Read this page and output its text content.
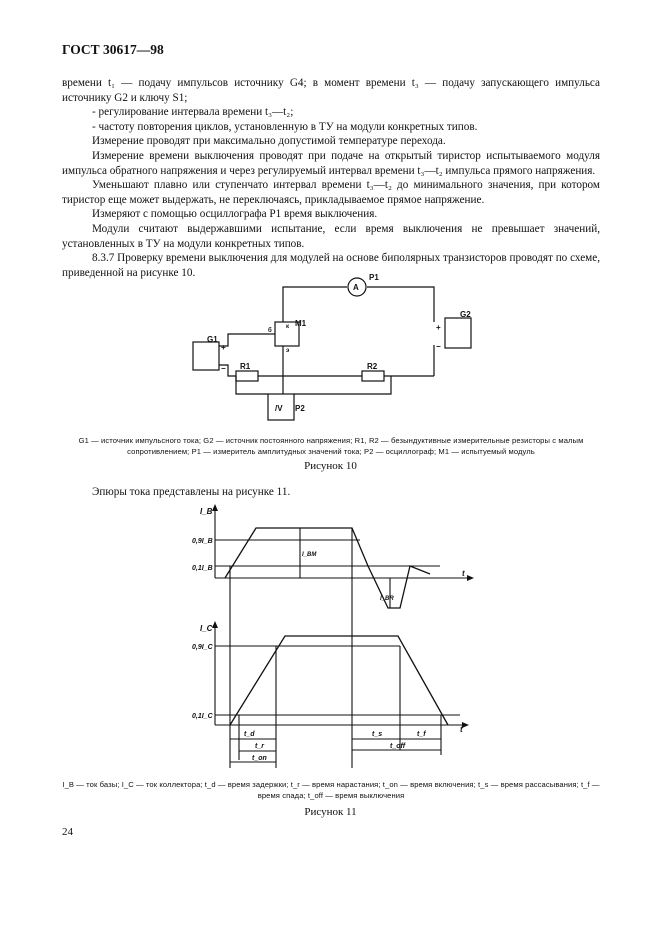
ГОСТ 30617—98

времени t₁ — подачу импульсов источнику G4; в момент времени t₃ — подачу запускающего импульса источнику G2 и ключу S1;

- регулирование интервала времени t₃—t₂;

- частоту повторения циклов, установленную в ТУ на модули конкретных типов.

Измерение проводят при максимально допустимой температуре перехода.

Измерение времени выключения проводят при подаче на открытый тиристор испытываемого модуля импульса обратного напряжения и через регулируемый интервал времени t₃—t₂ импульса прямого напряжения.

Уменьшают плавно или ступенчато интервал времени t₃—t₂ до минимального значения, при котором тиристор еще может выдержать, не переключаясь, прикладываемое прямое напряжение.

Измеряют с помощью осциллографа P1 время выключения.

Модули считают выдержавшими испытание, если время выключения не превышает значений, установленных в ТУ на модули конкретных типов.

8.3.7 Проверку времени выключения для модулей на основе биполярных транзисторов проводят по схеме, приведенной на рисунке 10.

A
P1
G2
+
−
G1
+
−
M1
к
б
э
R1	R2
/V P2
G1 — источник импульсного тока; G2 — источник постоянного напряжения; R1, R2 — безындуктивные измерительные резисторы с малым сопротивлением; P1 — измеритель амплитудных значений тока; P2 — осциллограф; M1 — испытуемый модуль
Рисунок 10

Эпюры тока представлены на рисунке 11.

I_B
0,9I_B
0,1I_B
t
I_BM
I_BR
I_C
0,9I_C
0,1I_C
t
t_d
t_r
t_on
t_s	t_f
t_off
I_B — ток базы; I_C — ток коллектора; t_d — время задержки; t_r — время нарастания; t_on — время включения; t_s — время рассасывания; t_f — время спада; t_off — время выключения
Рисунок 11
24
